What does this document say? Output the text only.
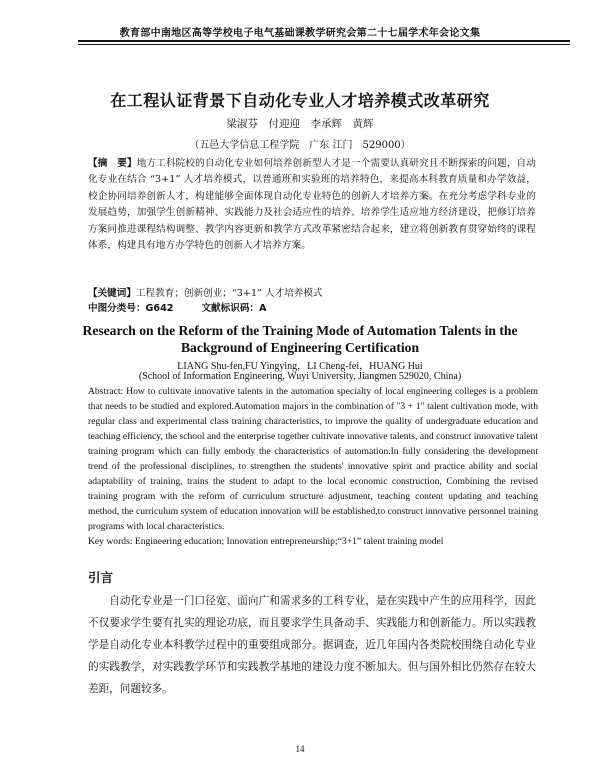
教育部中南地区高等学校电子电气基础课教学研究会第二十七届学术年会论文集
在工程认证背景下自动化专业人才培养模式改革研究
梁淑芬　付迎迎　李承辉　黄辉
（五邑大学信息工程学院　广东 江门　529000）
【摘　要】地方工科院校的自动化专业如何培养创新型人才是一个需要认真研究且不断探索的问题，自动化专业在结合 “3+1” 人才培养模式，以普通班和实验班的培养特色，来提高本科教育质量和办学效益，校企协同培养创新人才，构建能够全面体现自动化专业特色的创新人才培养方案。在充分考虑学科专业的发展趋势，加强学生创新精神、实践能力及社会适应性的培养、培养学生适应地方经济建设，把修订培养方案同推进课程结构调整、教学内容更新和教学方式改革紧密结合起来，建立将创新教育贯穿始终的课程体系，构建具有地方办学特色的创新人才培养方案。
【关键词】工程教育；创新创业；“3+1” 人才培养模式
中图分类号：G642	文献标识码：A
Research on the Reform of the Training Mode of Automation Talents in the Background of Engineering Certification
LIANG Shu-fen,FU Yingying，LI Cheng-fei，HUANG Hui
(School of Information Engineering, Wuyi University, Jiangmen 529020, China)
Abstract: How to cultivate innovative talents in the automation specialty of local engineering colleges is a problem that needs to be studied and explored.Automation majors in the combination of "3 + 1" talent cultivation mode, with regular class and experimental class training characteristics, to improve the quality of undergraduate education and teaching efficiency, the school and the enterprise together cultivate innovative talents, and construct innovative talent training program which can fully embody the characteristics of automation.In fully considering the development trend of the professional disciplines, to strengthen the students' innovative spirit and practice ability and social adaptability of training, trains the student to adapt to the local economic construction, Combining the revised training program with the reform of curriculum structure adjustment, teaching content updating and teaching method, the curriculum system of education innovation will be established,to construct innovative personnel training programs with local characteristics.
Key words: Engineering education; Innovation entrepreneurship;“3+1” talent training model
引言
自动化专业是一门口径宽、面向广和需求多的工科专业，是在实践中产生的应用科学，因此不仅要求学生要有扎实的理论功底，而且要求学生具备动手、实践能力和创新能力。所以实践教学是自动化专业本科教学过程中的重要组成部分。据调查，近几年国内各类院校围绕自动化专业的实践教学，对实践教学环节和实践教学基地的建设力度不断加大。但与国外相比仍然存在较大差距，问题较多。
14
